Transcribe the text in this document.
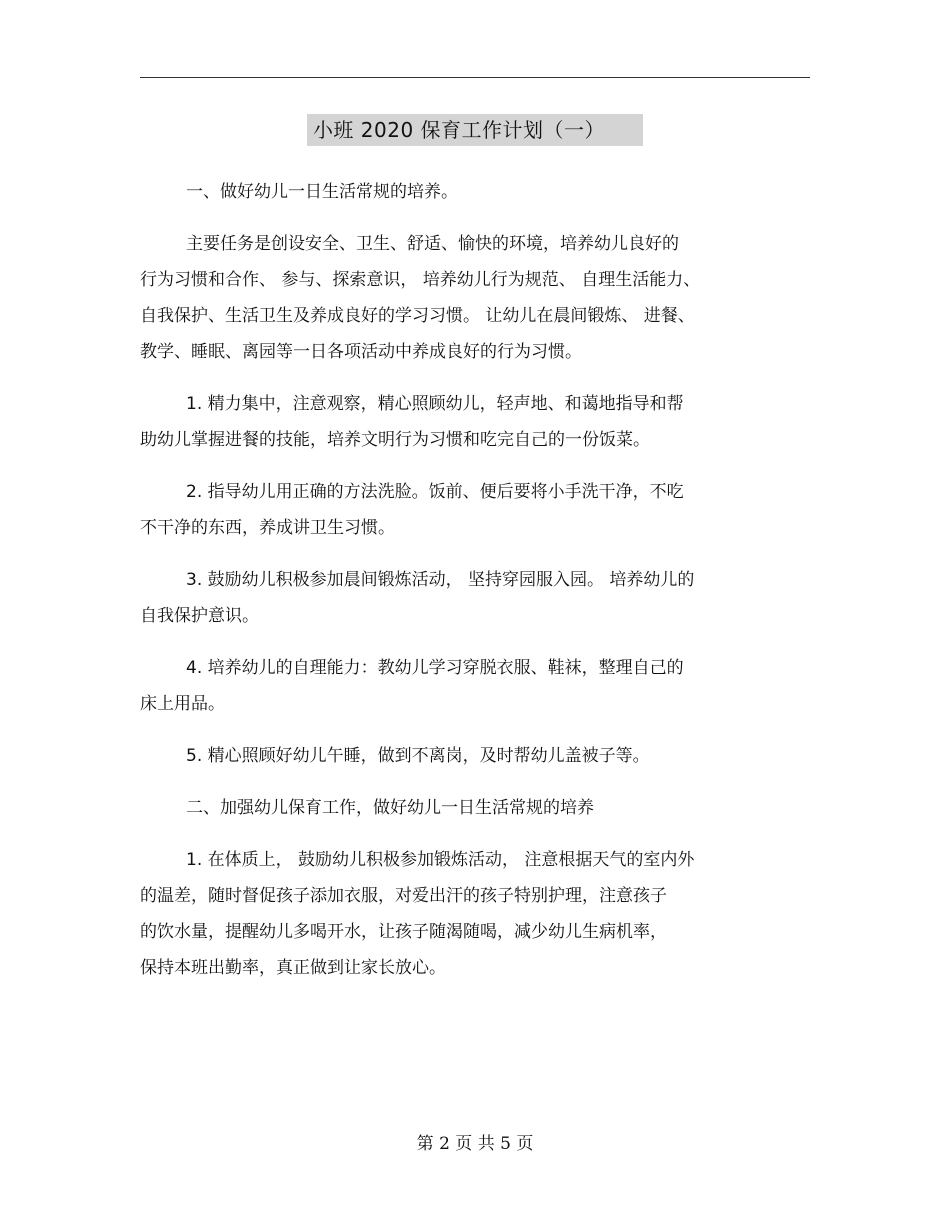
小班 2020 保育工作计划（一）
一、做好幼儿一日生活常规的培养。
主要任务是创设安全、卫生、舒适、愉快的环境，培养幼儿良好的
行为习惯和合作、 参与、探索意识， 培养幼儿行为规范、 自理生活能力、
自我保护、生活卫生及养成良好的学习习惯。 让幼儿在晨间锻炼、 进餐、
教学、睡眠、离园等一日各项活动中养成良好的行为习惯。
1. 精力集中，注意观察，精心照顾幼儿，轻声地、和蔼地指导和帮
助幼儿掌握进餐的技能，培养文明行为习惯和吃完自己的一份饭菜。
2. 指导幼儿用正确的方法洗脸。饭前、便后要将小手洗干净，不吃
不干净的东西，养成讲卫生习惯。
3. 鼓励幼儿积极参加晨间锻炼活动， 坚持穿园服入园。 培养幼儿的
自我保护意识。
4. 培养幼儿的自理能力：教幼儿学习穿脱衣服、鞋袜，整理自己的
床上用品。
5. 精心照顾好幼儿午睡，做到不离岗，及时帮幼儿盖被子等。
二、加强幼儿保育工作，做好幼儿一日生活常规的培养
1. 在体质上， 鼓励幼儿积极参加锻炼活动， 注意根据天气的室内外
的温差，随时督促孩子添加衣服，对爱出汗的孩子特别护理，注意孩子
的饮水量，提醒幼儿多喝开水，让孩子随渴随喝，减少幼儿生病机率，
保持本班出勤率，真正做到让家长放心。
第 2 页 共 5 页
